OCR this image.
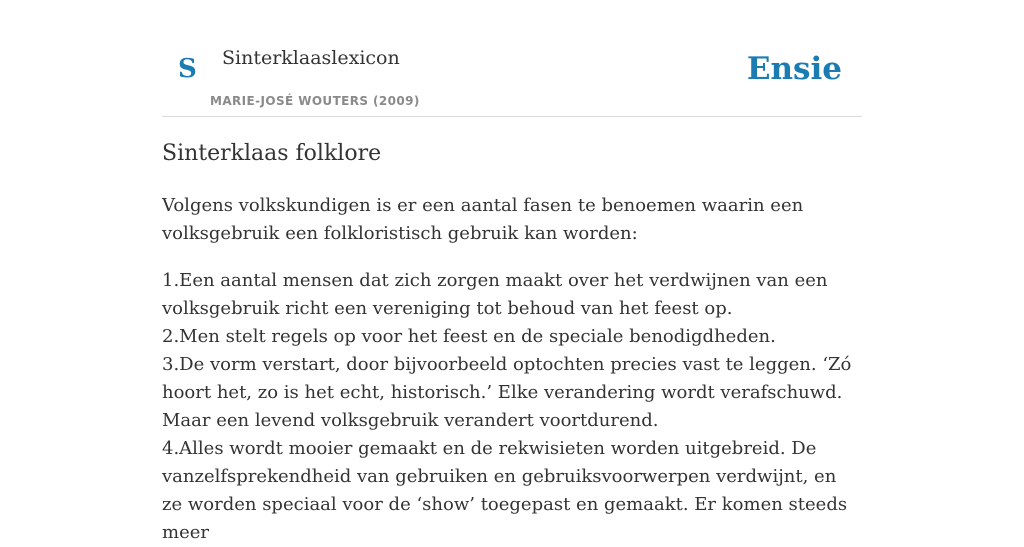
S Sinterklaaslexicon
MARIE-JOSÉ WOUTERS (2009)
Ensie
Sinterklaas folklore

Volgens volkskundigen is er een aantal fasen te benoemen waarin een volksgebruik een folkloristisch gebruik kan worden:

1.Een aantal mensen dat zich zorgen maakt over het verdwijnen van een volksgebruik richt een vereniging tot behoud van het feest op.
2.Men stelt regels op voor het feest en de speciale benodigdheden.
3.De vorm verstart, door bijvoorbeeld optochten precies vast te leggen. ‘Zó hoort het, zo is het echt, historisch.’ Elke verandering wordt verafschuwd. Maar een levend volksgebruik verandert voortdurend.
4.Alles wordt mooier gemaakt en de rekwisieten worden uitgebreid. De vanzelfsprekendheid van gebruiken en gebruiksvoorwerpen verdwijnt, en ze worden speciaal voor de ‘show’ toegepast en gemaakt. Er komen steeds meer
